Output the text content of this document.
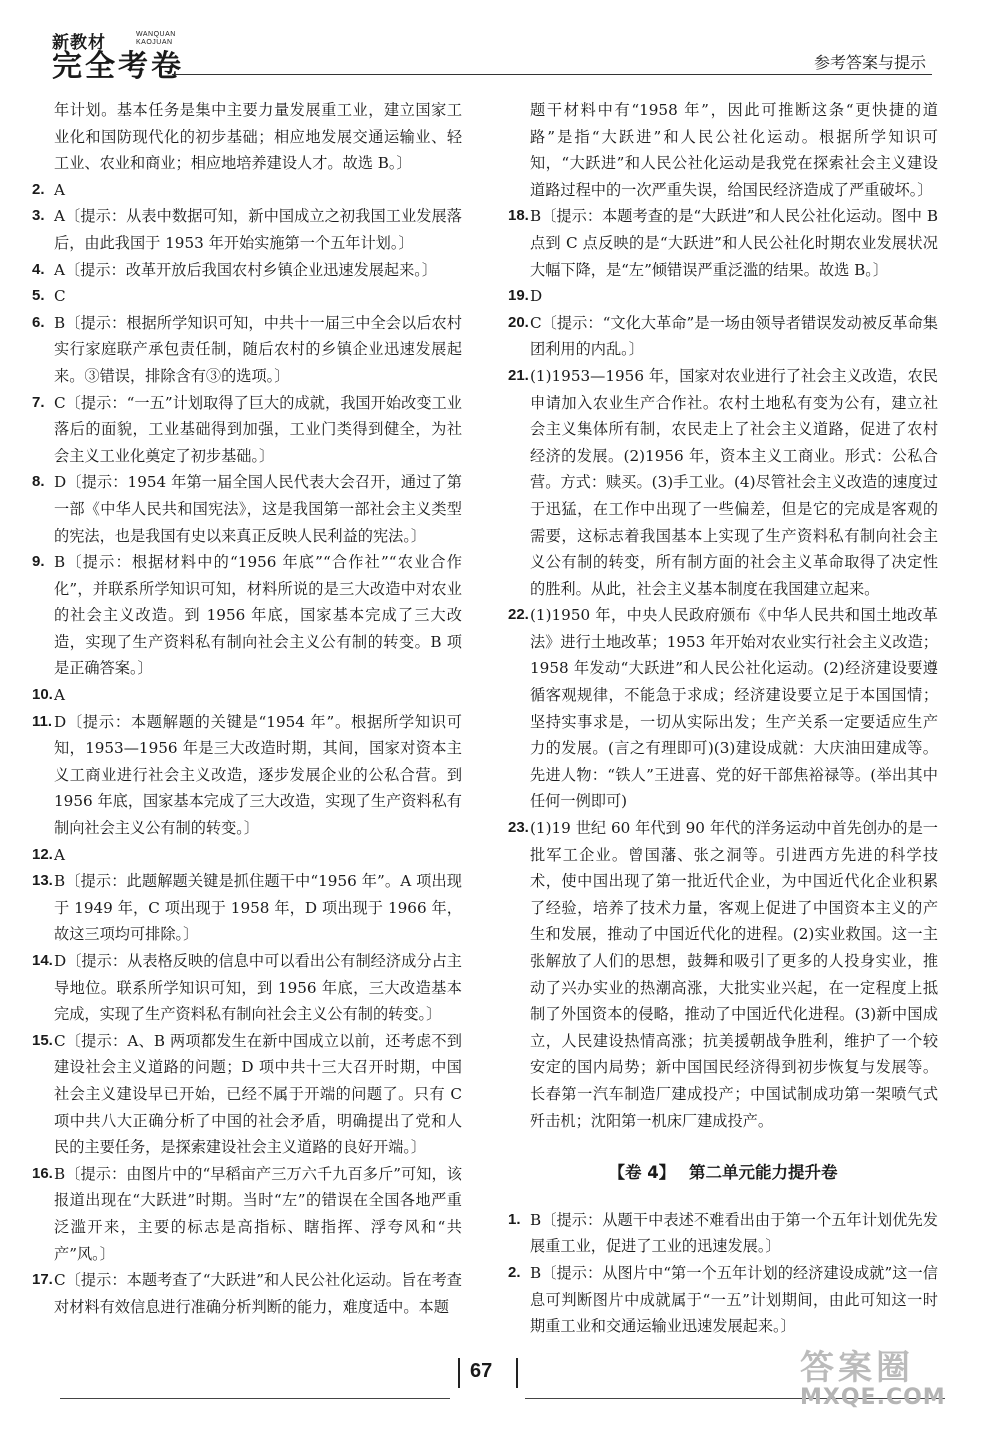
新教材	WANQUAN
KAOJUAN
完全考卷	参考答案与提示
年计划。基本任务是集中主要力量发展重工业，建立国家工业化和国防现代化的初步基础；相应地发展交通运输业、轻工业、农业和商业；相应地培养建设人才。故选 B。〕
2. A
3. A〔提示：从表中数据可知，新中国成立之初我国工业发展落后，由此我国于 1953 年开始实施第一个五年计划。〕
4. A〔提示：改革开放后我国农村乡镇企业迅速发展起来。〕
5. C
6. B〔提示：根据所学知识可知，中共十一届三中全会以后农村实行家庭联产承包责任制，随后农村的乡镇企业迅速发展起来。③错误，排除含有③的选项。〕
7. C〔提示：“一五”计划取得了巨大的成就，我国开始改变工业落后的面貌，工业基础得到加强，工业门类得到健全，为社会主义工业化奠定了初步基础。〕
8. D〔提示：1954 年第一届全国人民代表大会召开，通过了第一部《中华人民共和国宪法》，这是我国第一部社会主义类型的宪法，也是我国有史以来真正反映人民利益的宪法。〕
9. B〔提示：根据材料中的“1956 年底”“合作社”“农业合作化”，并联系所学知识可知，材料所说的是三大改造中对农业的社会主义改造。到 1956 年底，国家基本完成了三大改造，实现了生产资料私有制向社会主义公有制的转变。B 项是正确答案。〕
10. A
11. D〔提示：本题解题的关键是“1954 年”。根据所学知识可知，1953—1956 年是三大改造时期，其间，国家对资本主义工商业进行社会主义改造，逐步发展企业的公私合营。到 1956 年底，国家基本完成了三大改造，实现了生产资料私有制向社会主义公有制的转变。〕
12. A
13. B〔提示：此题解题关键是抓住题干中“1956 年”。A 项出现于 1949 年，C 项出现于 1958 年，D 项出现于 1966 年，故这三项均可排除。〕
14. D〔提示：从表格反映的信息中可以看出公有制经济成分占主导地位。联系所学知识可知，到 1956 年底，三大改造基本完成，实现了生产资料私有制向社会主义公有制的转变。〕
15. C〔提示：A、B 两项都发生在新中国成立以前，还考虑不到建设社会主义道路的问题；D 项中共十三大召开时期，中国社会主义建设早已开始，已经不属于开端的问题了。只有 C 项中共八大正确分析了中国的社会矛盾，明确提出了党和人民的主要任务，是探索建设社会主义道路的良好开端。〕
16. B〔提示：由图片中的“早稻亩产三万六千九百多斤”可知，该报道出现在“大跃进”时期。当时“左”的错误在全国各地严重泛滥开来，主要的标志是高指标、瞎指挥、浮夸风和“共产”风。〕
17. C〔提示：本题考查了“大跃进”和人民公社化运动。旨在考查对材料有效信息进行准确分析判断的能力，难度适中。本题
题干材料中有“1958 年”，因此可推断这条“更快捷的道路”是指“大跃进”和人民公社化运动。根据所学知识可知，“大跃进”和人民公社化运动是我党在探索社会主义建设道路过程中的一次严重失误，给国民经济造成了严重破坏。〕
18. B〔提示：本题考查的是“大跃进”和人民公社化运动。图中 B 点到 C 点反映的是“大跃进”和人民公社化时期农业发展状况大幅下降，是“左”倾错误严重泛滥的结果。故选 B。〕
19. D
20. C〔提示：“文化大革命”是一场由领导者错误发动被反革命集团利用的内乱。〕
21. (1)1953—1956 年，国家对农业进行了社会主义改造，农民申请加入农业生产合作社。农村土地私有变为公有，建立社会主义集体所有制，农民走上了社会主义道路，促进了农村经济的发展。(2)1956 年，资本主义工商业。形式：公私合营。方式：赎买。(3)手工业。(4)尽管社会主义改造的速度过于迅猛，在工作中出现了一些偏差，但是它的完成是客观的需要，这标志着我国基本上实现了生产资料私有制向社会主义公有制的转变，所有制方面的社会主义革命取得了决定性的胜利。从此，社会主义基本制度在我国建立起来。
22. (1)1950 年，中央人民政府颁布《中华人民共和国土地改革法》进行土地改革；1953 年开始对农业实行社会主义改造；1958 年发动“大跃进”和人民公社化运动。(2)经济建设要遵循客观规律，不能急于求成；经济建设要立足于本国国情；坚持实事求是，一切从实际出发；生产关系一定要适应生产力的发展。(言之有理即可)(3)建设成就：大庆油田建成等。先进人物：“铁人”王进喜、党的好干部焦裕禄等。(举出其中任何一例即可)
23. (1)19 世纪 60 年代到 90 年代的洋务运动中首先创办的是一批军工企业。曾国藩、张之洞等。引进西方先进的科学技术，使中国出现了第一批近代企业，为中国近代化企业积累了经验，培养了技术力量，客观上促进了中国资本主义的产生和发展，推动了中国近代化的进程。(2)实业救国。这一主张解放了人们的思想，鼓舞和吸引了更多的人投身实业，推动了兴办实业的热潮高涨，大批实业兴起，在一定程度上抵制了外国资本的侵略，推动了中国近代化进程。(3)新中国成立，人民建设热情高涨；抗美援朝战争胜利，维护了一个较安定的国内局势；新中国国民经济得到初步恢复与发展等。长春第一汽车制造厂建成投产；中国试制成功第一架喷气式歼击机；沈阳第一机床厂建成投产。
【卷 4】 第二单元能力提升卷
1. B〔提示：从题干中表述不难看出由于第一个五年计划优先发展重工业，促进了工业的迅速发展。〕
2. B〔提示：从图片中“第一个五年计划的经济建设成就”这一信息可判断图片中成就属于“一五”计划期间，由此可知这一时期重工业和交通运输业迅速发展起来。〕
67	答案圈
MXQE.COM
